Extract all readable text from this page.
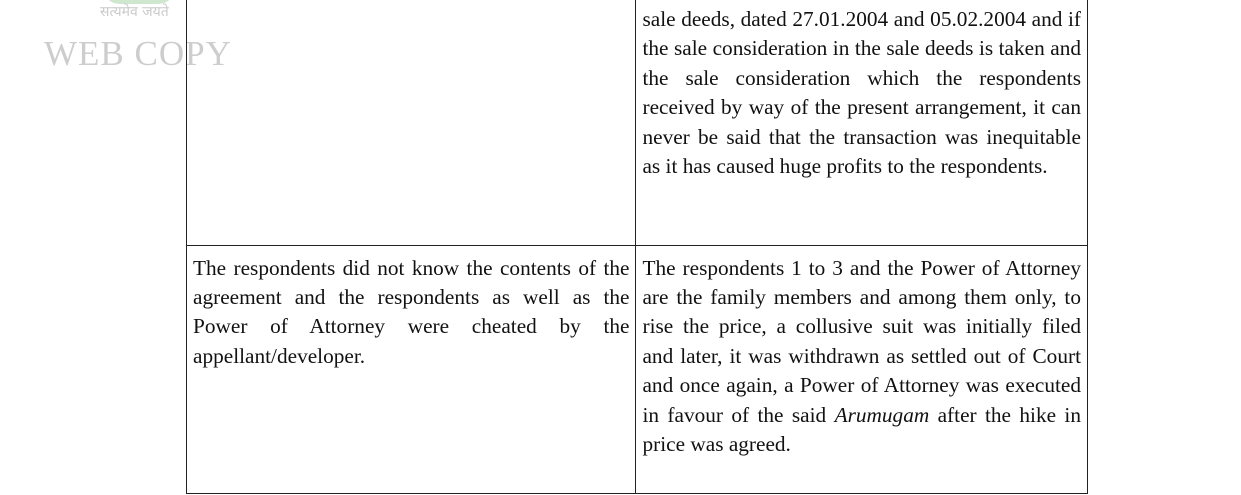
सत्यमेव जयते
WEB COPY

	sale deeds, dated 27.01.2004 and 05.02.2004 and if the sale consideration in the sale deeds is taken and the sale consideration which the respondents received by way of the present arrangement, it can never be said that the transaction was inequitable as it has caused huge profits to the respondents.

The respondents did not know the contents of the agreement and the respondents as well as the Power of Attorney were cheated by the appellant/developer.	The respondents 1 to 3 and the Power of Attorney are the family members and among them only, to rise the price, a collusive suit was initially filed and later, it was withdrawn as settled out of Court and once again, a Power of Attorney was executed in favour of the said Arumugam after the hike in price was agreed.
